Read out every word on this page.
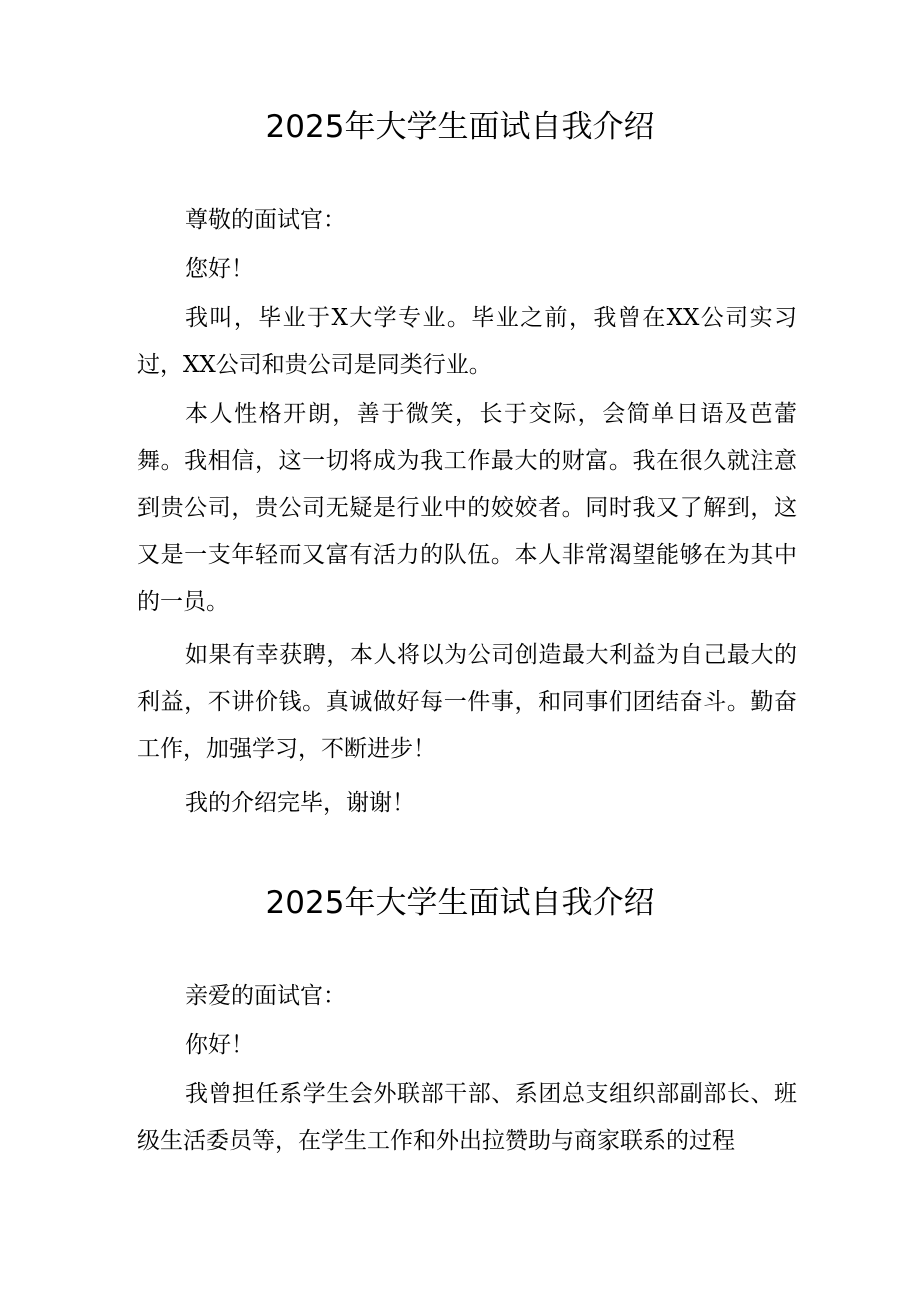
2025年大学生面试自我介绍

尊敬的面试官：

您好！

我叫，毕业于X大学专业。毕业之前，我曾在XX公司实习过，XX公司和贵公司是同类行业。

本人性格开朗，善于微笑，长于交际，会简单日语及芭蕾舞。我相信，这一切将成为我工作最大的财富。我在很久就注意到贵公司，贵公司无疑是行业中的姣姣者。同时我又了解到，这又是一支年轻而又富有活力的队伍。本人非常渴望能够在为其中的一员。

如果有幸获聘，本人将以为公司创造最大利益为自己最大的利益，不讲价钱。真诚做好每一件事，和同事们团结奋斗。勤奋工作，加强学习，不断进步！

我的介绍完毕，谢谢！

2025年大学生面试自我介绍

亲爱的面试官：

你好！

我曾担任系学生会外联部干部、系团总支组织部副部长、班级生活委员等，在学生工作和外出拉赞助与商家联系的过程
